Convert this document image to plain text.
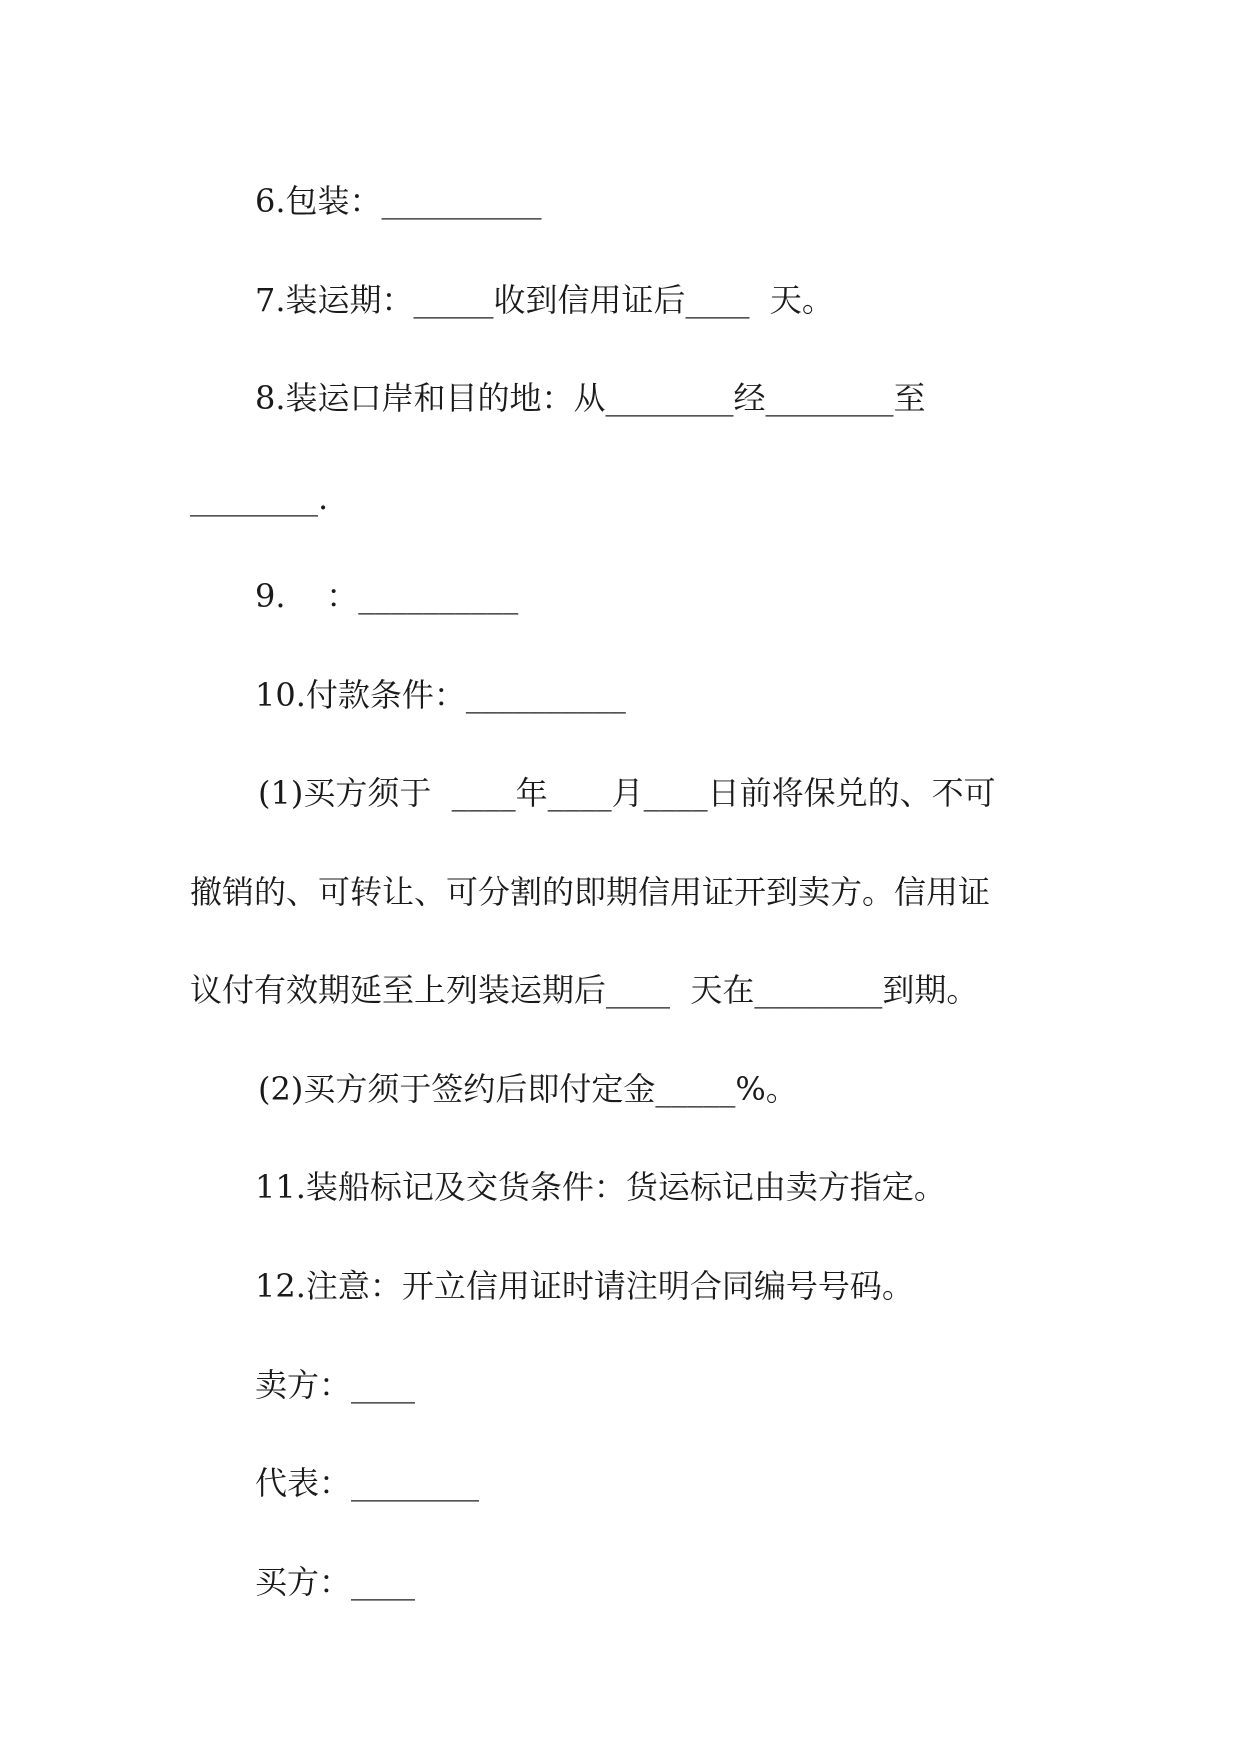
6.包装：__________
7.装运期：_____收到信用证后____  天。
8.装运口岸和目的地：从________经________至
________.
9.    ：__________
10.付款条件：__________
(1)买方须于  ____年____月____日前将保兑的、不可
撤销的、可转让、可分割的即期信用证开到卖方。信用证
议付有效期延至上列装运期后____  天在________到期。
(2)买方须于签约后即付定金_____%。
11.装船标记及交货条件：货运标记由卖方指定。
12.注意：开立信用证时请注明合同编号号码。
卖方：____
代表：________
买方：____
